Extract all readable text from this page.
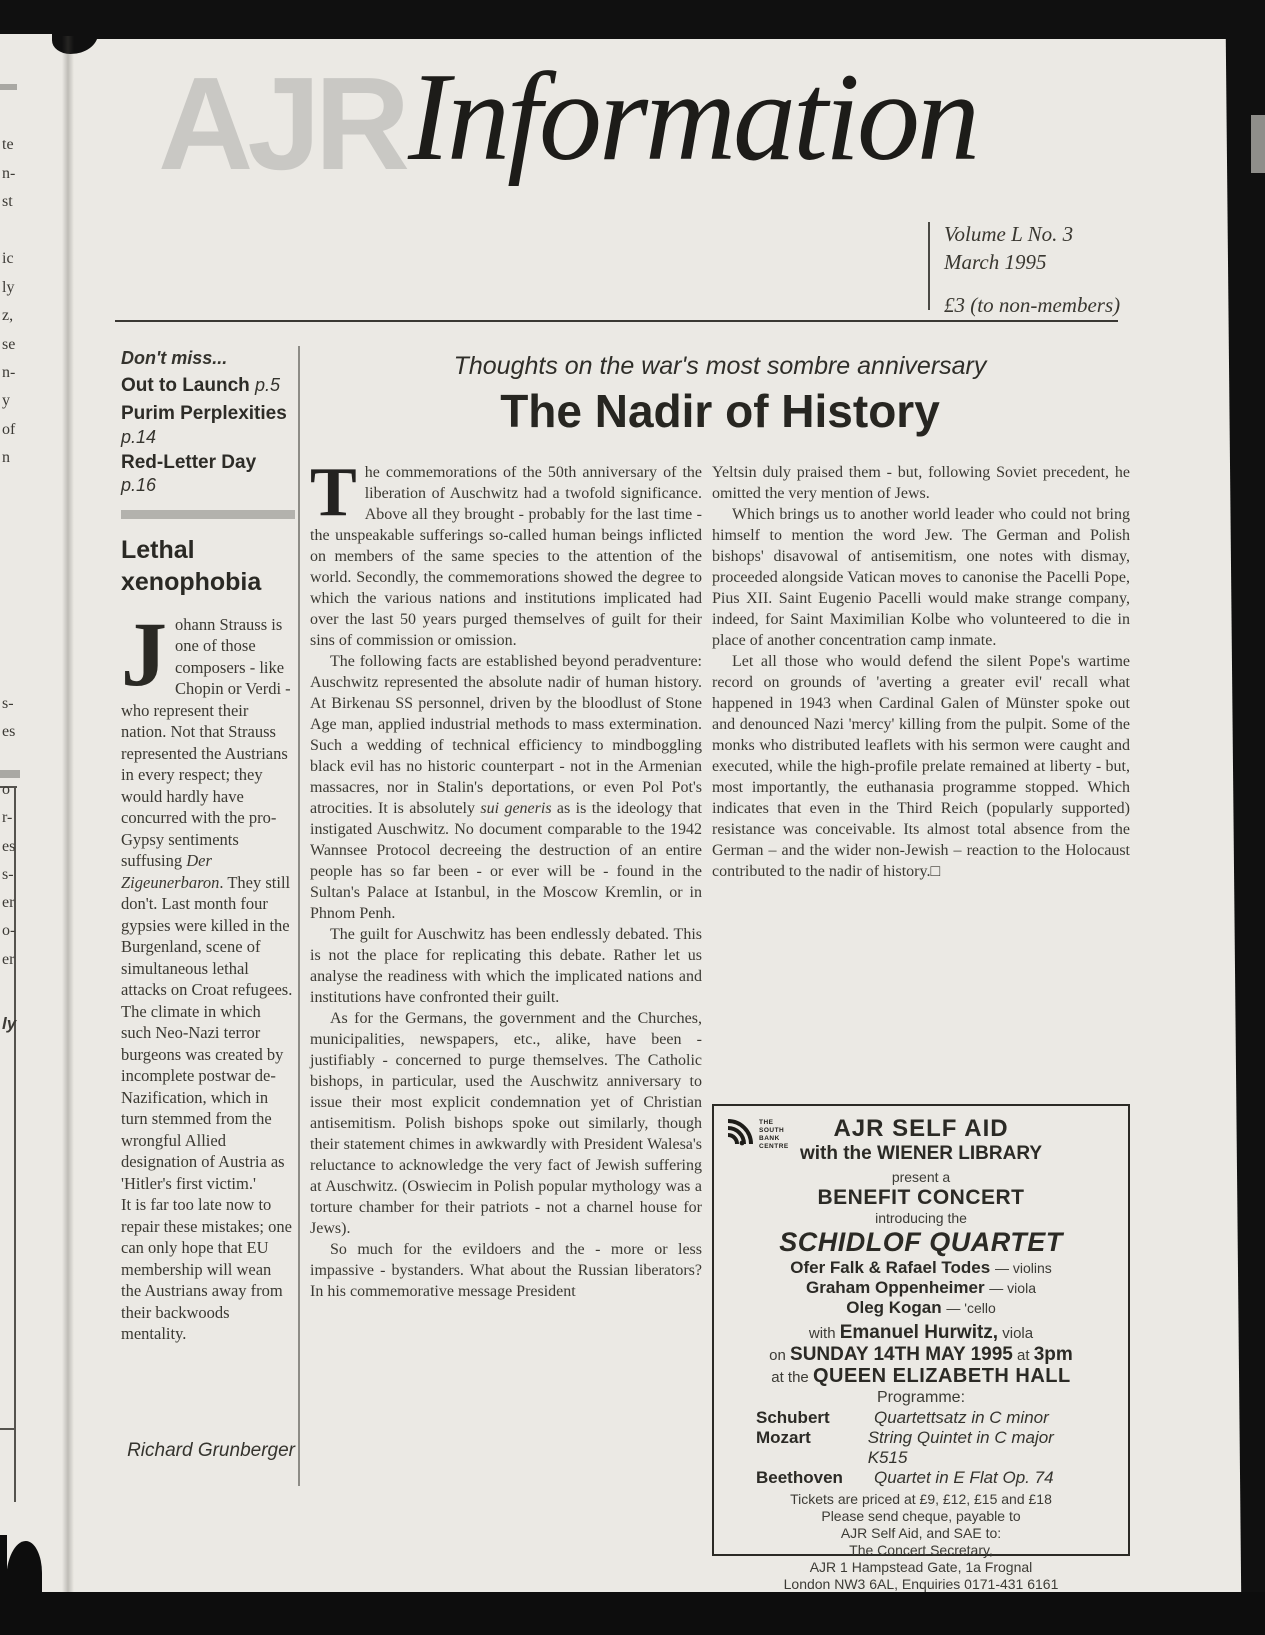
te
n-
st
ic
ly
z,
se
n-
y
of
n
s-
es
o
r-
es
s-
er
o-
er
ly
AJR Information
Volume L No. 3
March 1995
£3 (to non-members)
Don't miss...
Out to Launch p.5
Purim Perplexities
p.14
Red-Letter Day
p.16
Lethal xenophobia

Johann Strauss is one of those composers - like Chopin or Verdi - who represent their nation. Not that Strauss represented the Austrians in every respect; they would hardly have concurred with the pro-Gypsy sentiments suffusing Der Zigeunerbaron. They still don't. Last month four gypsies were killed in the Burgenland, scene of simultaneous lethal attacks on Croat refugees.

The climate in which such Neo-Nazi terror burgeons was created by incomplete postwar de-Nazification, which in turn stemmed from the wrongful Allied designation of Austria as 'Hitler's first victim.'

It is far too late now to repair these mistakes; one can only hope that EU membership will wean the Austrians away from their backwoods mentality.

Richard Grunberger
Thoughts on the war's most sombre anniversary
The Nadir of History

The commemorations of the 50th anniversary of the liberation of Auschwitz had a twofold significance. Above all they brought - probably for the last time - the unspeakable sufferings so-called human beings inflicted on members of the same species to the attention of the world. Secondly, the commemorations showed the degree to which the various nations and institutions implicated had over the last 50 years purged themselves of guilt for their sins of commission or omission.

The following facts are established beyond peradventure: Auschwitz represented the absolute nadir of human history. At Birkenau SS personnel, driven by the bloodlust of Stone Age man, applied industrial methods to mass extermination. Such a wedding of technical efficiency to mindboggling black evil has no historic counterpart - not in the Armenian massacres, nor in Stalin's deportations, or even Pol Pot's atrocities. It is absolutely sui generis as is the ideology that instigated Auschwitz. No document comparable to the 1942 Wannsee Protocol decreeing the destruction of an entire people has so far been - or ever will be - found in the Sultan's Palace at Istanbul, in the Moscow Kremlin, or in Phnom Penh.

The guilt for Auschwitz has been endlessly debated. This is not the place for replicating this debate. Rather let us analyse the readiness with which the implicated nations and institutions have confronted their guilt.

As for the Germans, the government and the Churches, municipalities, newspapers, etc., alike, have been - justifiably - concerned to purge themselves. The Catholic bishops, in particular, used the Auschwitz anniversary to issue their most explicit condemnation yet of Christian antisemitism. Polish bishops spoke out similarly, though their statement chimes in awkwardly with President Walesa's reluctance to acknowledge the very fact of Jewish suffering at Auschwitz. (Oswiecim in Polish popular mythology was a torture chamber for their patriots - not a charnel house for Jews).

So much for the evildoers and the - more or less impassive - bystanders. What about the Russian liberators? In his commemorative message President

Yeltsin duly praised them - but, following Soviet precedent, he omitted the very mention of Jews.

Which brings us to another world leader who could not bring himself to mention the word Jew. The German and Polish bishops' disavowal of antisemitism, one notes with dismay, proceeded alongside Vatican moves to canonise the Pacelli Pope, Pius XII. Saint Eugenio Pacelli would make strange company, indeed, for Saint Maximilian Kolbe who volunteered to die in place of another concentration camp inmate.

Let all those who would defend the silent Pope's wartime record on grounds of 'averting a greater evil' recall what happened in 1943 when Cardinal Galen of Münster spoke out and denounced Nazi 'mercy' killing from the pulpit. Some of the monks who distributed leaflets with his sermon were caught and executed, while the high-profile prelate remained at liberty - but, most importantly, the euthanasia programme stopped. Which indicates that even in the Third Reich (popularly supported) resistance was conceivable. Its almost total absence from the German – and the wider non-Jewish – reaction to the Holocaust contributed to the nadir of history.□

THE
SOUTH
BANK
CENTRE
AJR SELF AID
with the WIENER LIBRARY
present a
BENEFIT CONCERT
introducing the
SCHIDLOF QUARTET
Ofer Falk & Rafael Todes — violins
Graham Oppenheimer — viola
Oleg Kogan — 'cello
with Emanuel Hurwitz, viola
on SUNDAY 14TH MAY 1995 at 3pm
at the QUEEN ELIZABETH HALL
Programme:
Schubert	Quartettsatz in C minor
Mozart	String Quintet in C major K515
Beethoven	Quartet in E Flat Op. 74
Tickets are priced at £9, £12, £15 and £18
Please send cheque, payable to
AJR Self Aid, and SAE to:
The Concert Secretary,
AJR 1 Hampstead Gate, 1a Frognal
London NW3 6AL, Enquiries 0171-431 6161
